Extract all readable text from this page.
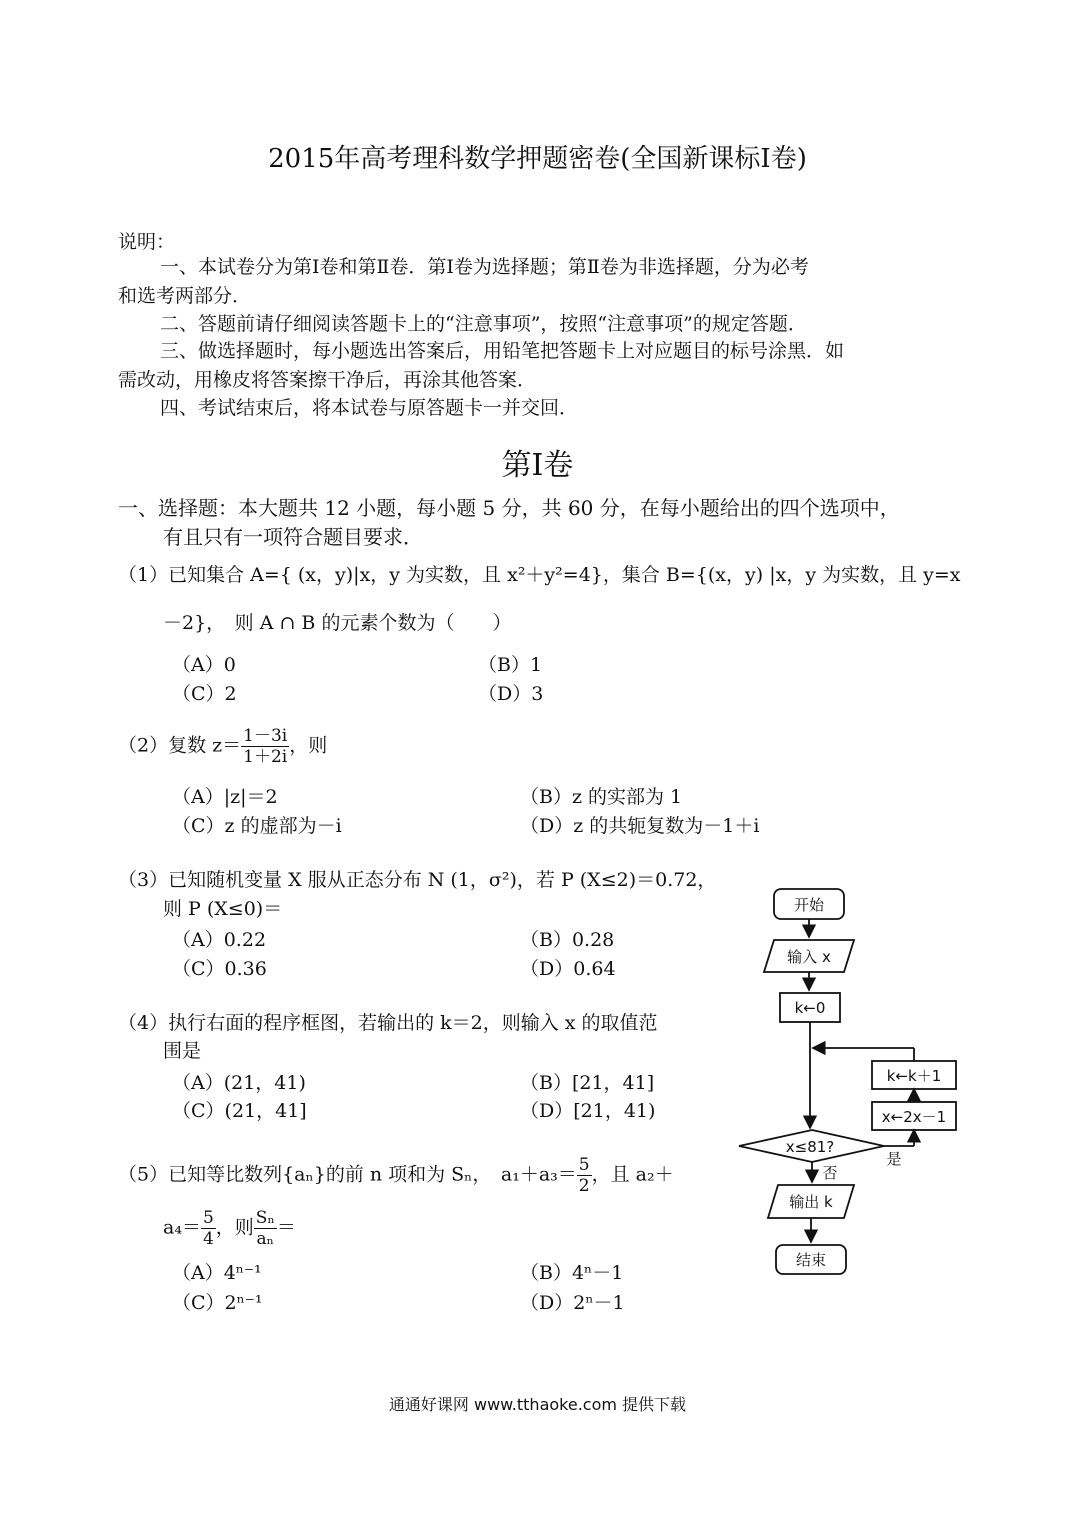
2015年高考理科数学押题密卷(全国新课标Ⅰ卷)
说明：
一、本试卷分为第Ⅰ卷和第Ⅱ卷．第Ⅰ卷为选择题；第Ⅱ卷为非选择题，分为必考
和选考两部分．
二、答题前请仔细阅读答题卡上的“注意事项”，按照“注意事项”的规定答题．
三、做选择题时，每小题选出答案后，用铅笔把答题卡上对应题目的标号涂黑．如
需改动，用橡皮将答案擦干净后，再涂其他答案．
四、考试结束后，将本试卷与原答题卡一并交回．
第Ⅰ卷
一、选择题：本大题共 12 小题，每小题 5 分，共 60 分，在每小题给出的四个选项中，
有且只有一项符合题目要求．
（1）已知集合 A={ (x，y)|x，y 为实数，且 x²＋y²=4}，集合 B={(x，y) |x，y 为实数，且 y=x
－2}，　则 A ∩ B 的元素个数为（　　）
（A）0	（B）1
（C）2	（D）3
（2）复数 $z= \frac{1-3i}{1+2i}$ ，则
（A）|z|＝2	（B）z 的实部为 1
（C）z 的虚部为－i	（D）z 的共轭复数为－1＋i
（3）已知随机变量 X 服从正态分布 N (1，σ²)，若 P (X≤2)＝0.72，
则 P (X≤0)＝
（A）0.22	（B）0.28
（C）0.36	（D）0.64
（4）执行右面的程序框图，若输出的 k＝2，则输入 x 的取值范
围是
（A）(21，41)	（B）[21，41]
（C）(21，41]	（D）[21，41)
（5）已知等比数列{aₙ}的前 n 项和为 Sₙ，　$a_1+a_3= \frac{5}{2}$ ，且 a₂＋
$a_4= \frac{5}{4}$ ，则 $\frac{\text{Sₙ}}{\text{aₙ}}$ ＝
（A）4ⁿ⁻¹	（B）4ⁿ－1
（C）2ⁿ⁻¹	（D）2ⁿ－1
开始
输入 x
k←0
k←k＋1
x←2x－1
x≤81?
是
否
输出 k
结束
通通好课网 www.tthaoke.com 提供下载
